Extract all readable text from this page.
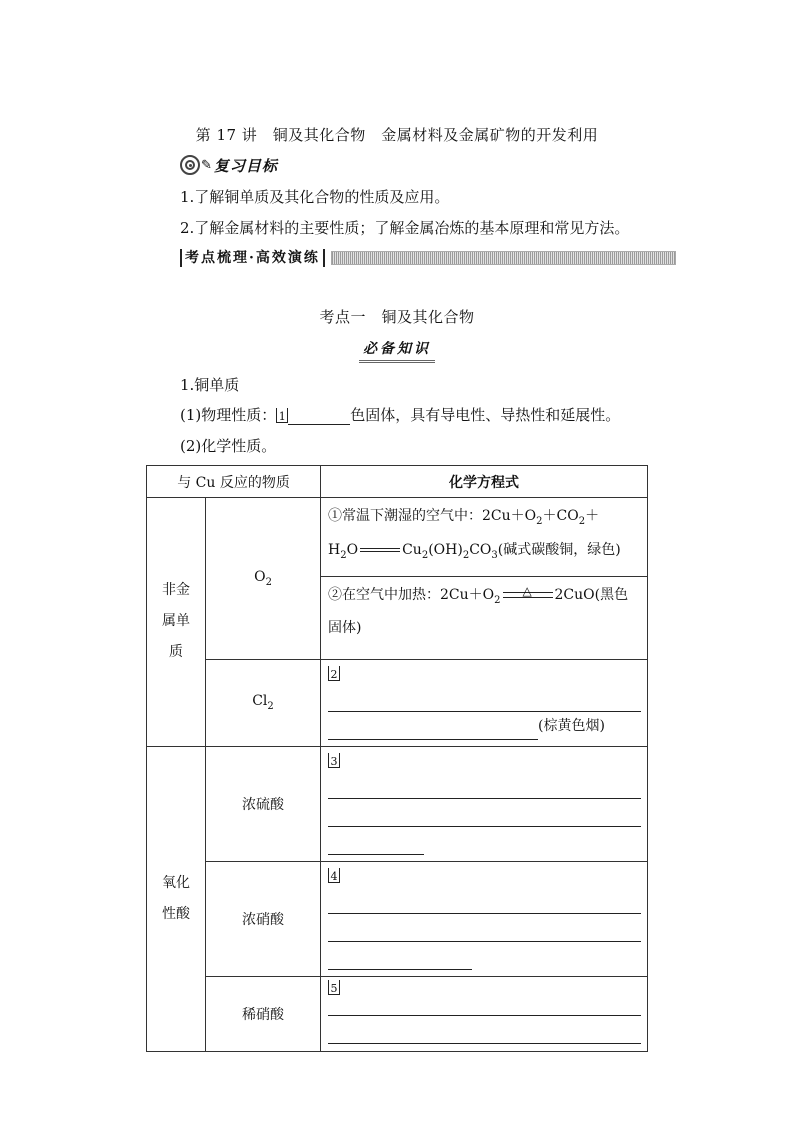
第 17 讲　铜及其化合物　金属材料及金属矿物的开发利用
✎ 复习目标
1.了解铜单质及其化合物的性质及应用。
2.了解金属材料的主要性质；了解金属冶炼的基本原理和常见方法。
考点梳理·高效演练
考点一　铜及其化合物
必备知识
1.铜单质
(1)物理性质： 1	色固体，具有导电性、导热性和延展性。
(2)化学性质。
与 Cu 反应的物质		化学方程式

非金属单质	$O_2$	①常温下潮湿的空气中：$2Cu+O_2+CO_2+$
$H_2O$ $Cu_2(OH)_2CO_3$(碱式碳酸铜，绿色)
		②在空气中加热：$2Cu+O_2$
△ 2CuO(黑色
固体)
	$Cl_2$	2
(棕黄色烟)

氧化性酸	浓硫酸	3

	浓硝酸	4

	稀硝酸	5
